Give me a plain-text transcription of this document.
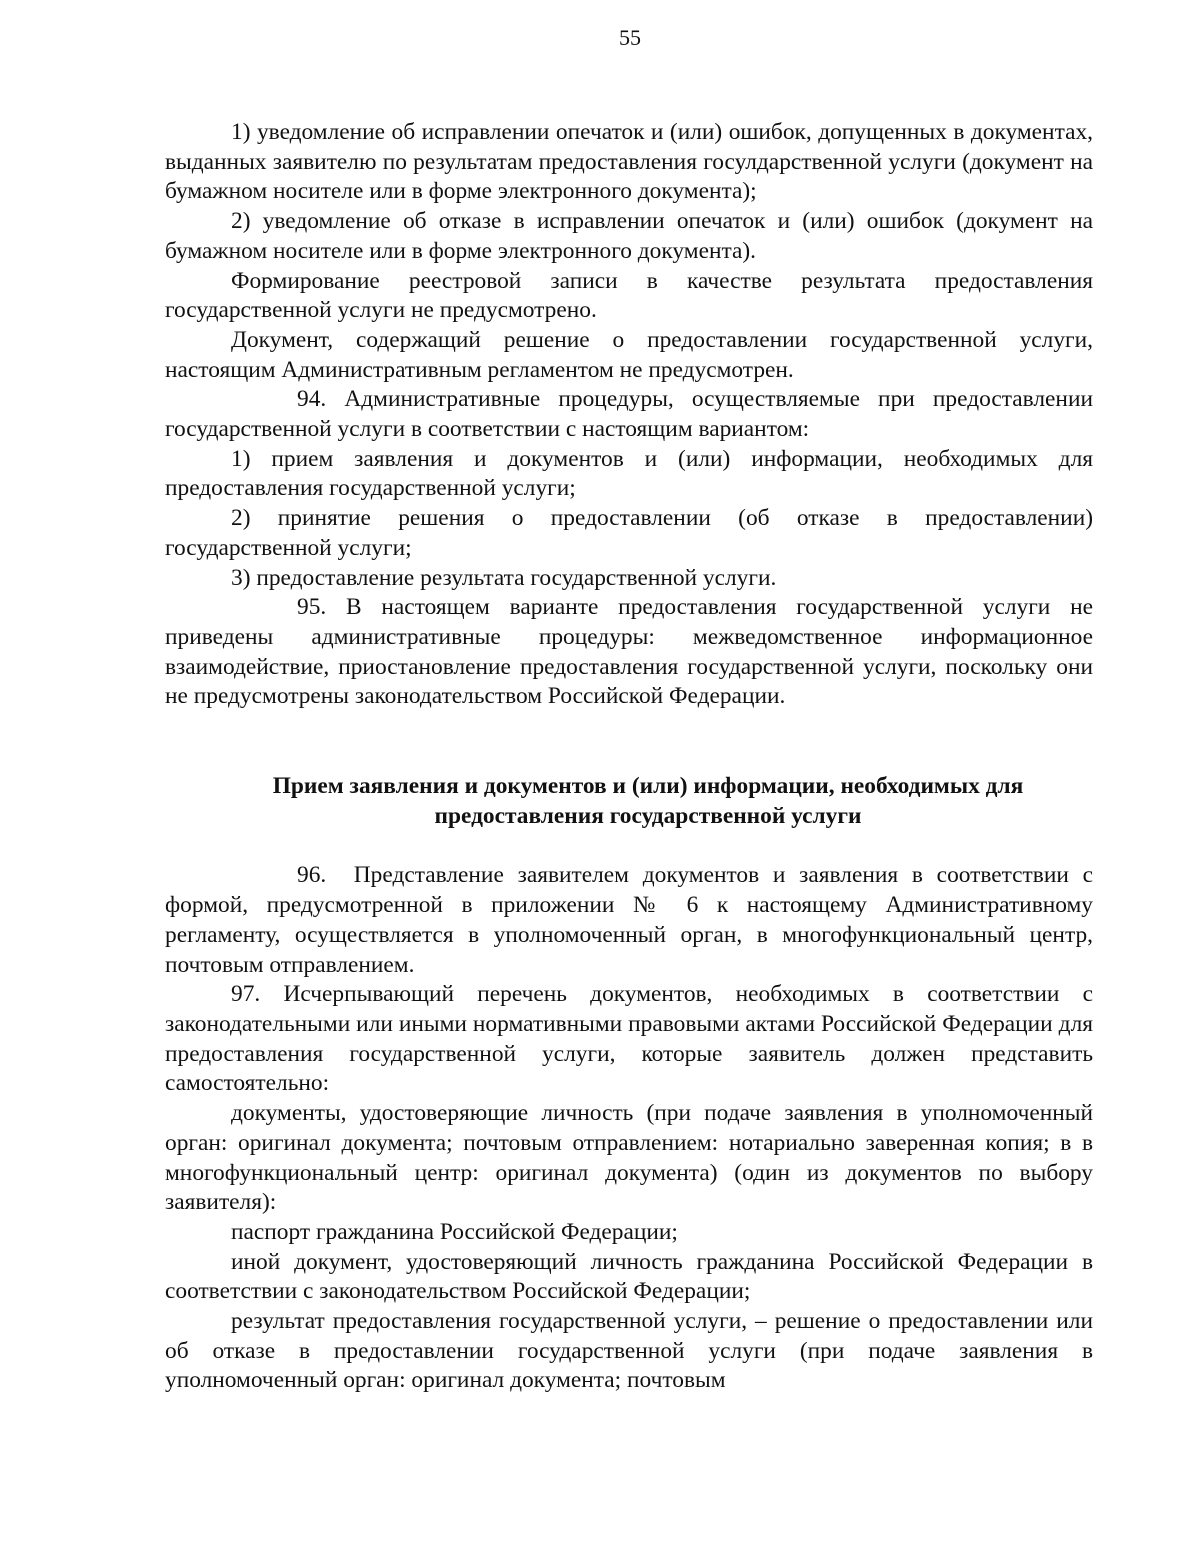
55

1) уведомление об исправлении опечаток и (или) ошибок, допущенных в документах, выданных заявителю по результатам предоставления госулдарственной услуги (документ на бумажном носителе или в форме электронного документа);

2) уведомление об отказе в исправлении опечаток и (или) ошибок (документ на бумажном носителе или в форме электронного документа).

Формирование реестровой записи в качестве результата предоставления государственной услуги не предусмотрено.

Документ, содержащий решение о предоставлении государственной услуги, настоящим Административным регламентом не предусмотрен.

94. Административные процедуры, осуществляемые при предоставлении государственной услуги в соответствии с настоящим вариантом:

1) прием заявления и документов и (или) информации, необходимых для предоставления государственной услуги;

2) принятие решения о предоставлении (об отказе в предоставлении) государственной услуги;

3) предоставление результата государственной услуги.

95. В настоящем варианте предоставления государственной услуги не приведены административные процедуры: межведомственное информационное взаимодействие, приостановление предоставления государственной услуги, поскольку они не предусмотрены законодательством Российской Федерации.

Прием заявления и документов и (или) информации, необходимых для
предоставления государственной услуги

96. Представление заявителем документов и заявления в соответствии с формой, предусмотренной в приложении № 6 к настоящему Административному регламенту, осуществляется в уполномоченный орган, в многофункциональный центр, почтовым отправлением.

97. Исчерпывающий перечень документов, необходимых в соответствии с законодательными или иными нормативными правовыми актами Российской Федерации для предоставления государственной услуги, которые заявитель должен представить самостоятельно:

документы, удостоверяющие личность (при подаче заявления в уполномоченный орган: оригинал документа; почтовым отправлением: нотариально заверенная копия; в в многофункциональный центр: оригинал документа) (один из документов по выбору заявителя):

паспорт гражданина Российской Федерации;

иной документ, удостоверяющий личность гражданина Российской Федерации в соответствии с законодательством Российской Федерации;

результат предоставления государственной услуги, – решение о предоставлении или об отказе в предоставлении государственной услуги (при подаче заявления в уполномоченный орган: оригинал документа; почтовым
